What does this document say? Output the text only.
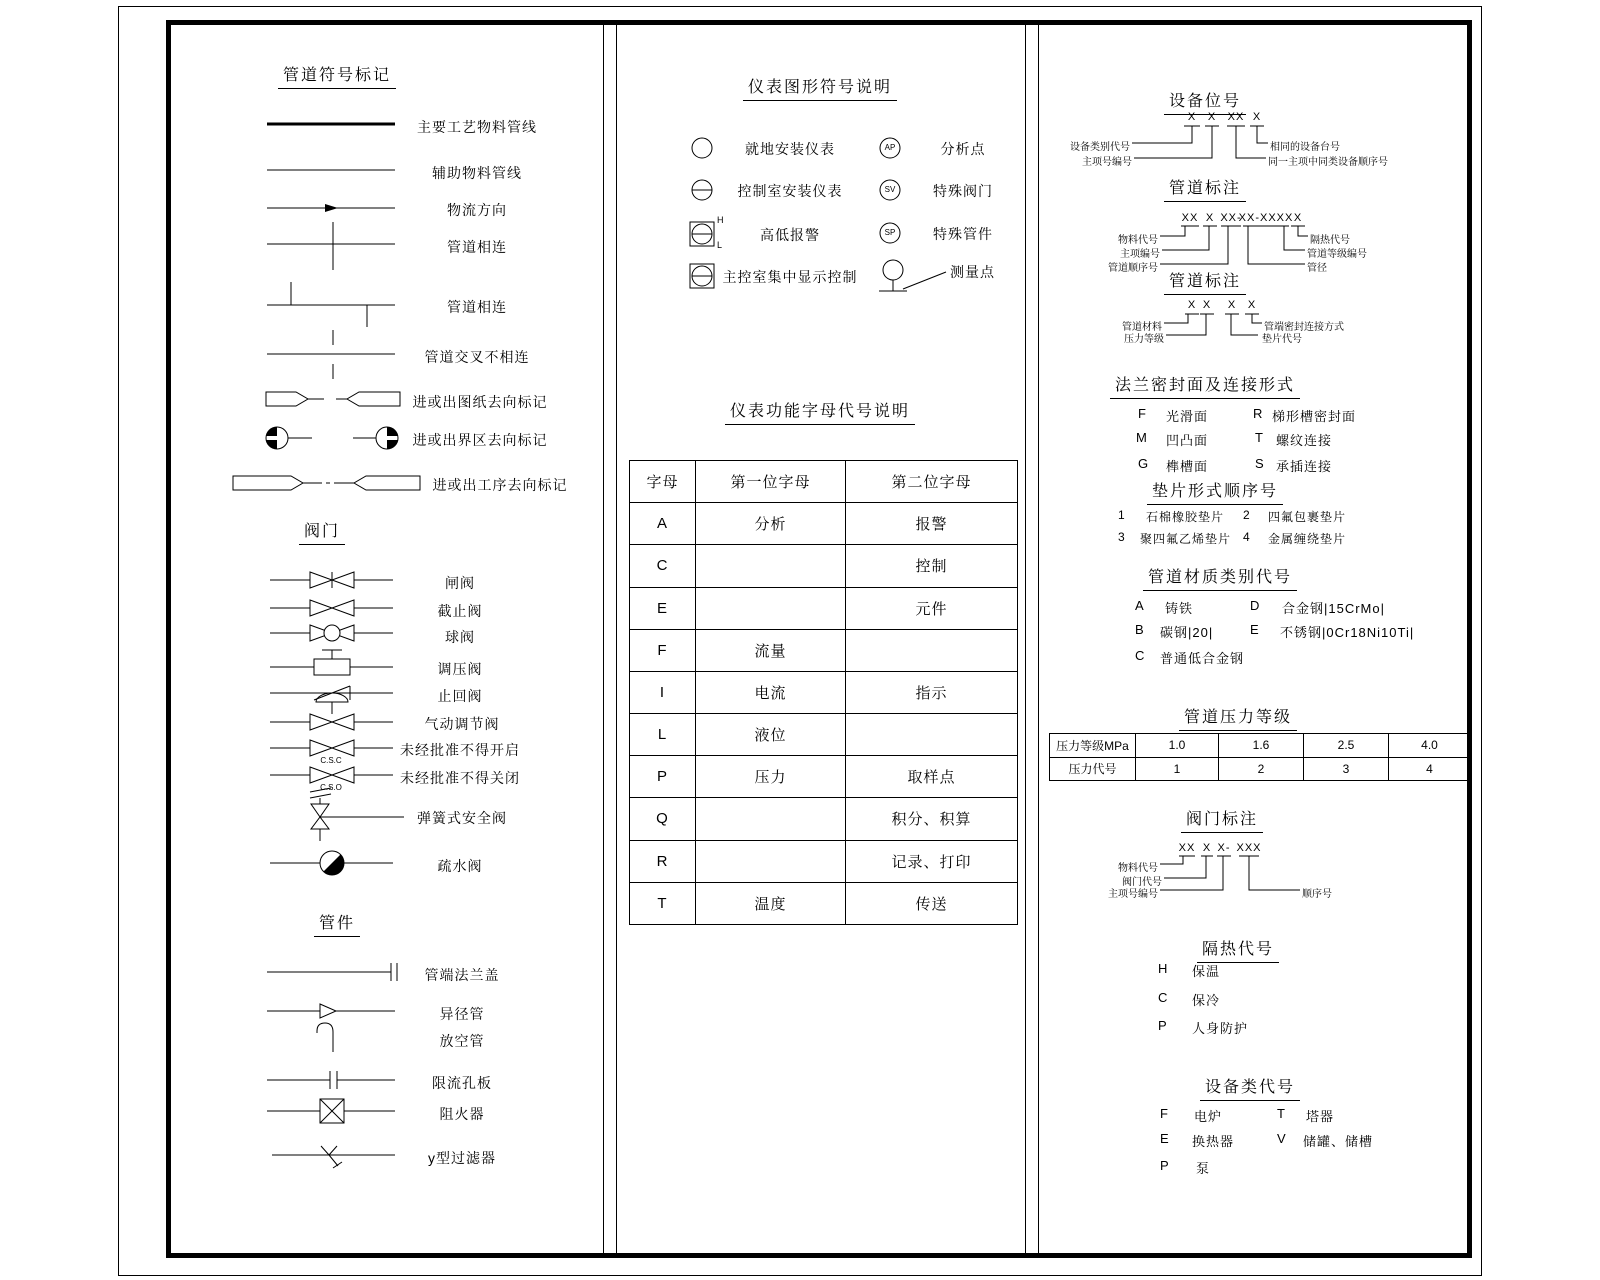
管道符号标记
主要工艺物料管线
辅助物料管线
物流方向
管道相连
管道相连
管道交叉不相连
进或出图纸去向标记
进或出界区去向标记
进或出工序去向标记
阀门
闸阀
截止阀
球阀
调压阀
止回阀
气动调节阀
未经批准不得开启
未经批准不得关闭
弹簧式安全阀
疏水阀
C.S.C
C.S.O
管件
管端法兰盖
异径管
放空管
限流孔板
阻火器
y型过滤器
仪表图形符号说明
就地安装仪表
控制室安装仪表
高低报警
主控室集中显示控制
分析点
特殊阀门
特殊管件
测量点
AP
SV
SP
H
L
仪表功能字母代号说明
字母	第一位字母	第二位字母
A	分析	报警
C		控制
E		元件
F	流量	
I	电流	指示
L	液位	
P	压力	取样点
Q		积分、积算
R		记录、打印
T	温度	传送
设备位号
X X XX X
设备类别代号
主项号编号
相同的设备台号
同一主项中同类设备顺序号
管道标注
XX X XX-
XX-XXXX X
物料代号
主项编号
管道顺序号
隔热代号
管道等级编号
管径
管道标注
X X X X
管道材料
压力等级
管端密封连接方式
垫片代号
法兰密封面及连接形式
F 光滑面	R 梯形槽密封面
M 凹凸面	T 螺纹连接
G 榫槽面	S 承插连接
垫片形式顺序号
1 石棉橡胶垫片 2 四氟包裹垫片
3 聚四氟乙烯垫片 4 金属缠绕垫片
管道材质类别代号
A 铸铁	D 合金钢|15CrMo|
B 碳钢|20|	E 不锈钢|0Cr18Ni10Ti|
C 普通低合金钢
管道压力等级
压力等级MPa	1.0	1.6	2.5	4.0
压力代号	1	2	3	4
阀门标注
XX X X- XXX
物料代号
阀门代号
主项号编号	顺序号
隔热代号
H 保温
C 保冷
P 人身防护
设备类代号
F 电炉	T 塔器
E 换热器	V 储罐、储槽
P 泵
